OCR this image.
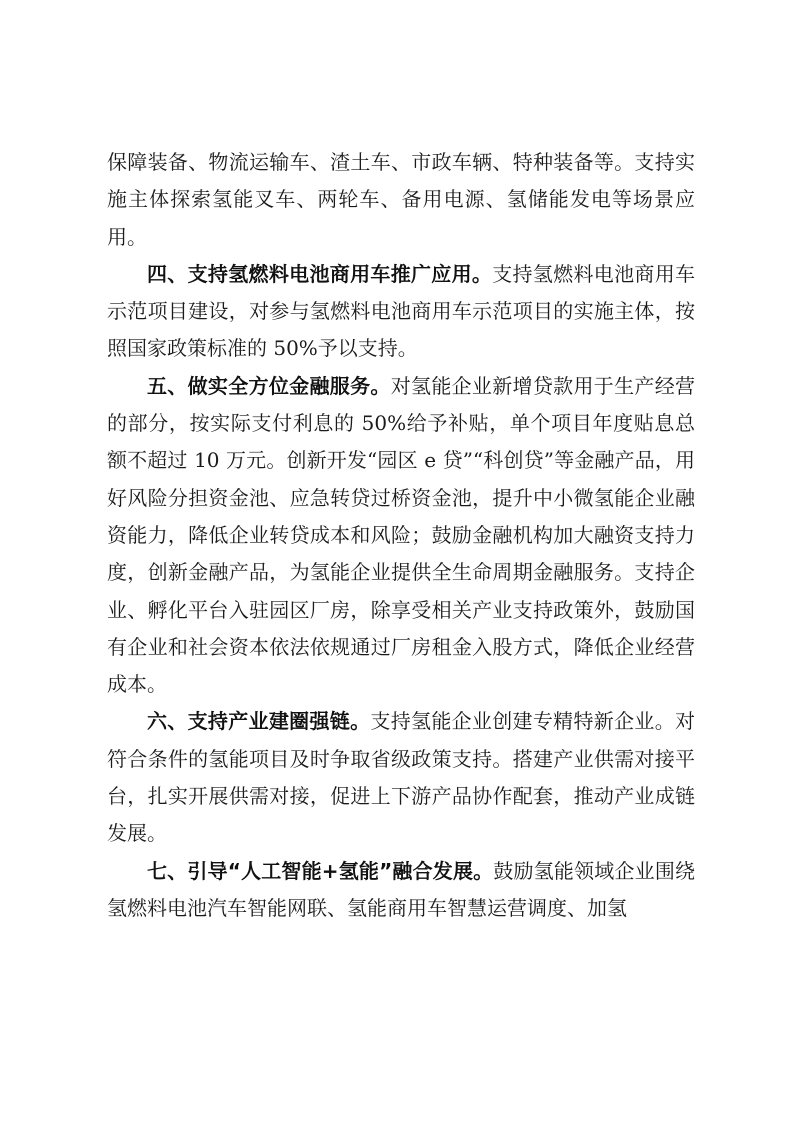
保障装备、物流运输车、渣土车、市政车辆、特种装备等。支持实施主体探索氢能叉车、两轮车、备用电源、氢储能发电等场景应用。

四、支持氢燃料电池商用车推广应用。支持氢燃料电池商用车示范项目建设，对参与氢燃料电池商用车示范项目的实施主体，按照国家政策标准的 50%予以支持。

五、做实全方位金融服务。对氢能企业新增贷款用于生产经营的部分，按实际支付利息的 50%给予补贴，单个项目年度贴息总额不超过 10 万元。创新开发“园区 e 贷”“科创贷”等金融产品，用好风险分担资金池、应急转贷过桥资金池，提升中小微氢能企业融资能力，降低企业转贷成本和风险；鼓励金融机构加大融资支持力度，创新金融产品，为氢能企业提供全生命周期金融服务。支持企业、孵化平台入驻园区厂房，除享受相关产业支持政策外，鼓励国有企业和社会资本依法依规通过厂房租金入股方式，降低企业经营成本。

六、支持产业建圈强链。支持氢能企业创建专精特新企业。对符合条件的氢能项目及时争取省级政策支持。搭建产业供需对接平台，扎实开展供需对接，促进上下游产品协作配套，推动产业成链发展。

七、引导“人工智能+氢能”融合发展。鼓励氢能领域企业围绕氢燃料电池汽车智能网联、氢能商用车智慧运营调度、加氢
